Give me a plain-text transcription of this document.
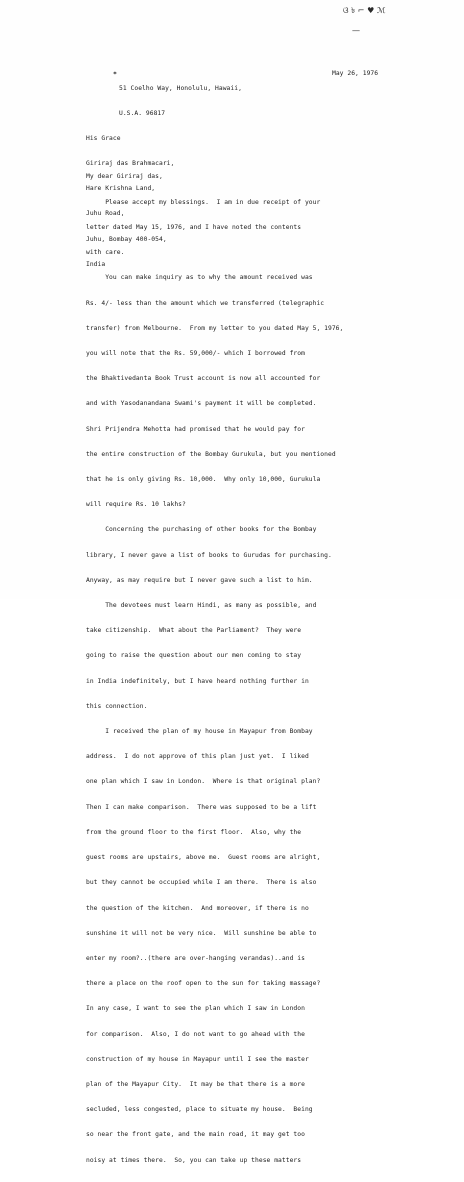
ଓ ৳ ⌐ ♥ ℳ

—

*

51 Coelho Way, Honolulu, Hawaii,

U.S.A. 96817

May 26, 1976

His Grace

Giriraj das Brahmacari,

Hare Krishna Land,

Juhu Road,

Juhu, Bombay 400-054,

India

My dear Giriraj das,

Please accept my blessings.  I am in due receipt of your

letter dated May 15, 1976, and I have noted the contents

with care.

You can make inquiry as to why the amount received was

Rs. 4/- less than the amount which we transferred (telegraphic

transfer) from Melbourne.  From my letter to you dated May 5, 1976,

you will note that the Rs. 59,000/- which I borrowed from

the Bhaktivedanta Book Trust account is now all accounted for

and with Yasodanandana Swami's payment it will be completed.

Shri Prijendra Mehotta had promised that he would pay for

the entire construction of the Bombay Gurukula, but you mentioned

that he is only giving Rs. 10,000.  Why only 10,000, Gurukula

will require Rs. 10 lakhs?

Concerning the purchasing of other books for the Bombay

library, I never gave a list of books to Gurudas for purchasing.

Anyway, as may require but I never gave such a list to him.

The devotees must learn Hindi, as many as possible, and

take citizenship.  What about the Parliament?  They were

going to raise the question about our men coming to stay

in India indefinitely, but I have heard nothing further in

this connection.

I received the plan of my house in Mayapur from Bombay

address.  I do not approve of this plan just yet.  I liked

one plan which I saw in London.  Where is that original plan?

Then I can make comparison.  There was supposed to be a lift

from the ground floor to the first floor.  Also, why the

guest rooms are upstairs, above me.  Guest rooms are alright,

but they cannot be occupied while I am there.  There is also

the question of the kitchen.  And moreover, if there is no

sunshine it will not be very nice.  Will sunshine be able to

enter my room?..(there are over-hanging verandas)..and is

there a place on the roof open to the sun for taking massage?

In any case, I want to see the plan which I saw in London

for comparison.  Also, I do not want to go ahead with the

construction of my house in Mayapur until I see the master

plan of the Mayapur City.  It may be that there is a more

secluded, less congested, place to situate my house.  Being

so near the front gate, and the main road, it may get too

noisy at times there.  So, you can take up these matters
